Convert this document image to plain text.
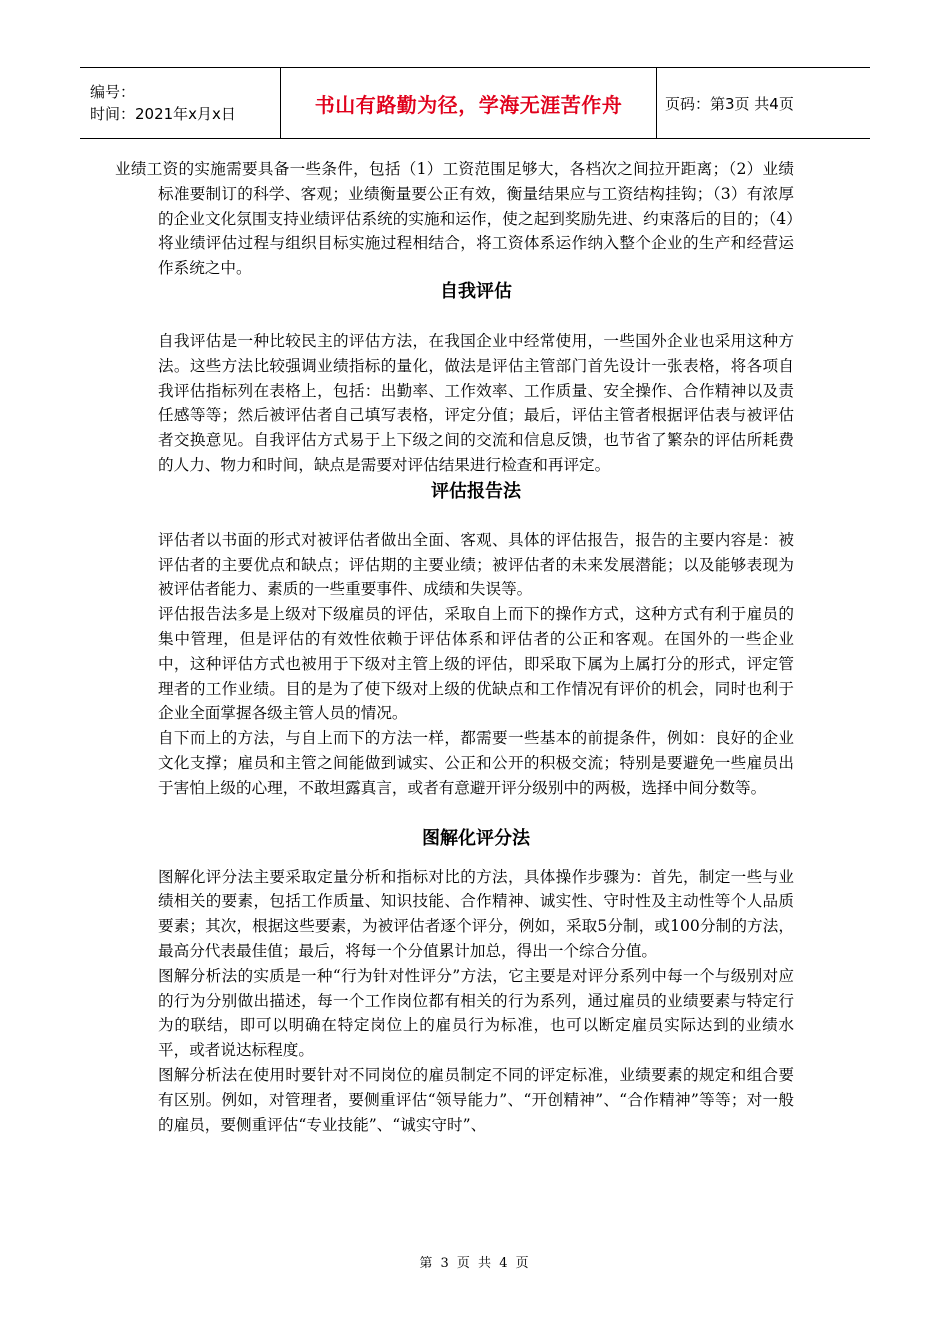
编号：
时间：2021年x月x日	书山有路勤为径，学海无涯苦作舟	页码：第3页 共4页

业绩工资的实施需要具备一些条件，包括（1）工资范围足够大，各档次之间拉开距离；（2）业绩标准要制订的科学、客观；业绩衡量要公正有效，衡量结果应与工资结构挂钩；（3）有浓厚的企业文化氛围支持业绩评估系统的实施和运作，使之起到奖励先进、约束落后的目的；（4）将业绩评估过程与组织目标实施过程相结合，将工资体系运作纳入整个企业的生产和经营运作系统之中。

自我评估

自我评估是一种比较民主的评估方法，在我国企业中经常使用，一些国外企业也采用这种方法。这些方法比较强调业绩指标的量化，做法是评估主管部门首先设计一张表格，将各项自我评估指标列在表格上，包括：出勤率、工作效率、工作质量、安全操作、合作精神以及责任感等等；然后被评估者自己填写表格，评定分值；最后，评估主管者根据评估表与被评估者交换意见。自我评估方式易于上下级之间的交流和信息反馈，也节省了繁杂的评估所耗费的人力、物力和时间，缺点是需要对评估结果进行检查和再评定。

评估报告法

评估者以书面的形式对被评估者做出全面、客观、具体的评估报告，报告的主要内容是：被评估者的主要优点和缺点；评估期的主要业绩；被评估者的未来发展潜能；以及能够表现为被评估者能力、素质的一些重要事件、成绩和失误等。

评估报告法多是上级对下级雇员的评估，采取自上而下的操作方式，这种方式有利于雇员的集中管理，但是评估的有效性依赖于评估体系和评估者的公正和客观。在国外的一些企业中，这种评估方式也被用于下级对主管上级的评估，即采取下属为上属打分的形式，评定管理者的工作业绩。目的是为了使下级对上级的优缺点和工作情况有评价的机会，同时也利于企业全面掌握各级主管人员的情况。

自下而上的方法，与自上而下的方法一样，都需要一些基本的前提条件，例如：良好的企业文化支撑；雇员和主管之间能做到诚实、公正和公开的积极交流；特别是要避免一些雇员出于害怕上级的心理，不敢坦露真言，或者有意避开评分级别中的两极，选择中间分数等。

图解化评分法

图解化评分法主要采取定量分析和指标对比的方法，具体操作步骤为：首先，制定一些与业绩相关的要素，包括工作质量、知识技能、合作精神、诚实性、守时性及主动性等个人品质要素；其次，根据这些要素，为被评估者逐个评分，例如，采取5分制，或100分制的方法，最高分代表最佳值；最后，将每一个分值累计加总，得出一个综合分值。

图解分析法的实质是一种“行为针对性评分”方法，它主要是对评分系列中每一个与级别对应的行为分别做出描述，每一个工作岗位都有相关的行为系列，通过雇员的业绩要素与特定行为的联结，即可以明确在特定岗位上的雇员行为标准，也可以断定雇员实际达到的业绩水平，或者说达标程度。

图解分析法在使用时要针对不同岗位的雇员制定不同的评定标准，业绩要素的规定和组合要有区别。例如，对管理者，要侧重评估“领导能力”、“开创精神”、“合作精神”等等；对一般的雇员，要侧重评估“专业技能”、“诚实守时”、

第 3 页 共 4 页
